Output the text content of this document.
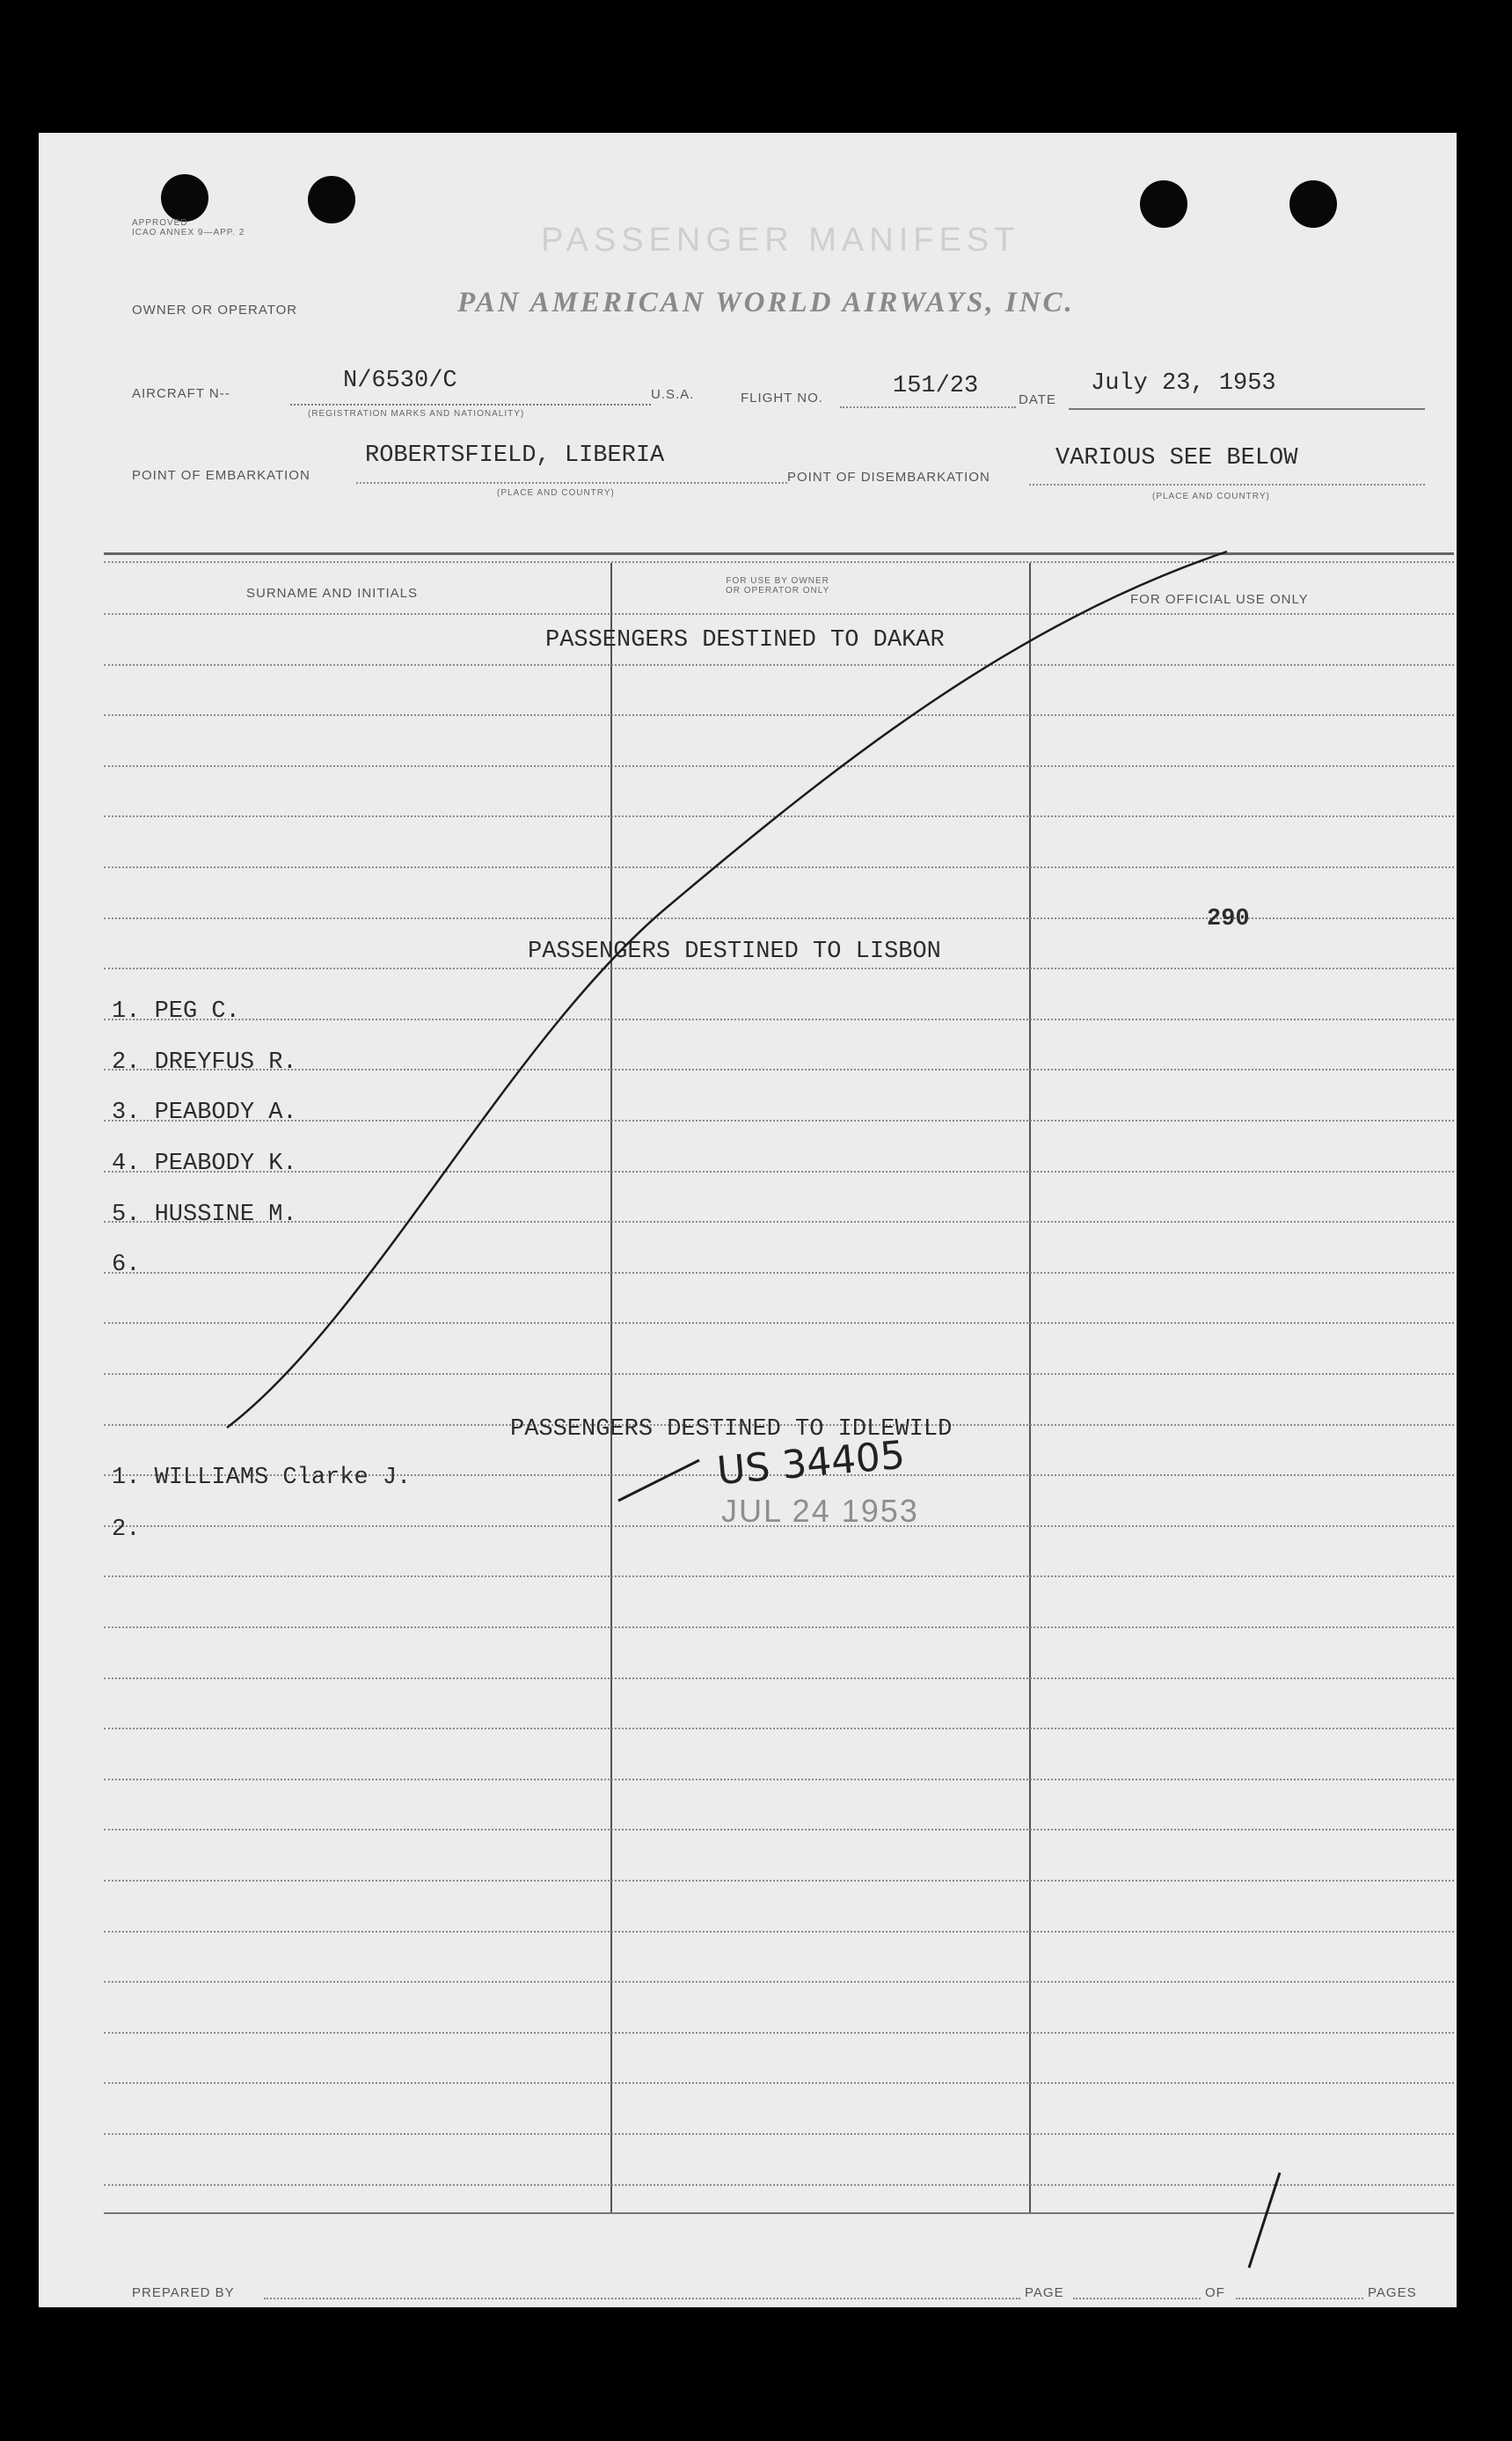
APPROVED
ICAO ANNEX 9—APP. 2	PASSENGER MANIFEST
OWNER OR OPERATOR	PAN AMERICAN WORLD AIRWAYS, INC.
AIRCRAFT N--	N/6530/C
(REGISTRATION MARKS AND NATIONALITY)
U.S.A.	FLIGHT NO.	151/23
DATE
July 23, 1953
POINT OF EMBARKATION
ROBERTSFIELD, LIBERIA
(PLACE AND COUNTRY)
POINT OF DISEMBARKATION
VARIOUS SEE BELOW
(PLACE AND COUNTRY)
SURNAME AND INITIALS
FOR USE BY OWNER
OR OPERATOR ONLY
FOR OFFICIAL USE ONLY
PASSENGERS DESTINED TO DAKAR
PASSENGERS DESTINED TO LISBON
PASSENGERS DESTINED TO IDLEWILD
290
1. PEG C.
2. DREYFUS R.
3. PEABODY A.
4. PEABODY K.
5. HUSSINE M.
6.
1. WILLIAMS Clarke J.
2.
US 34405
JUL 24 1953
PREPARED BY	PAGE	OF	PAGES
